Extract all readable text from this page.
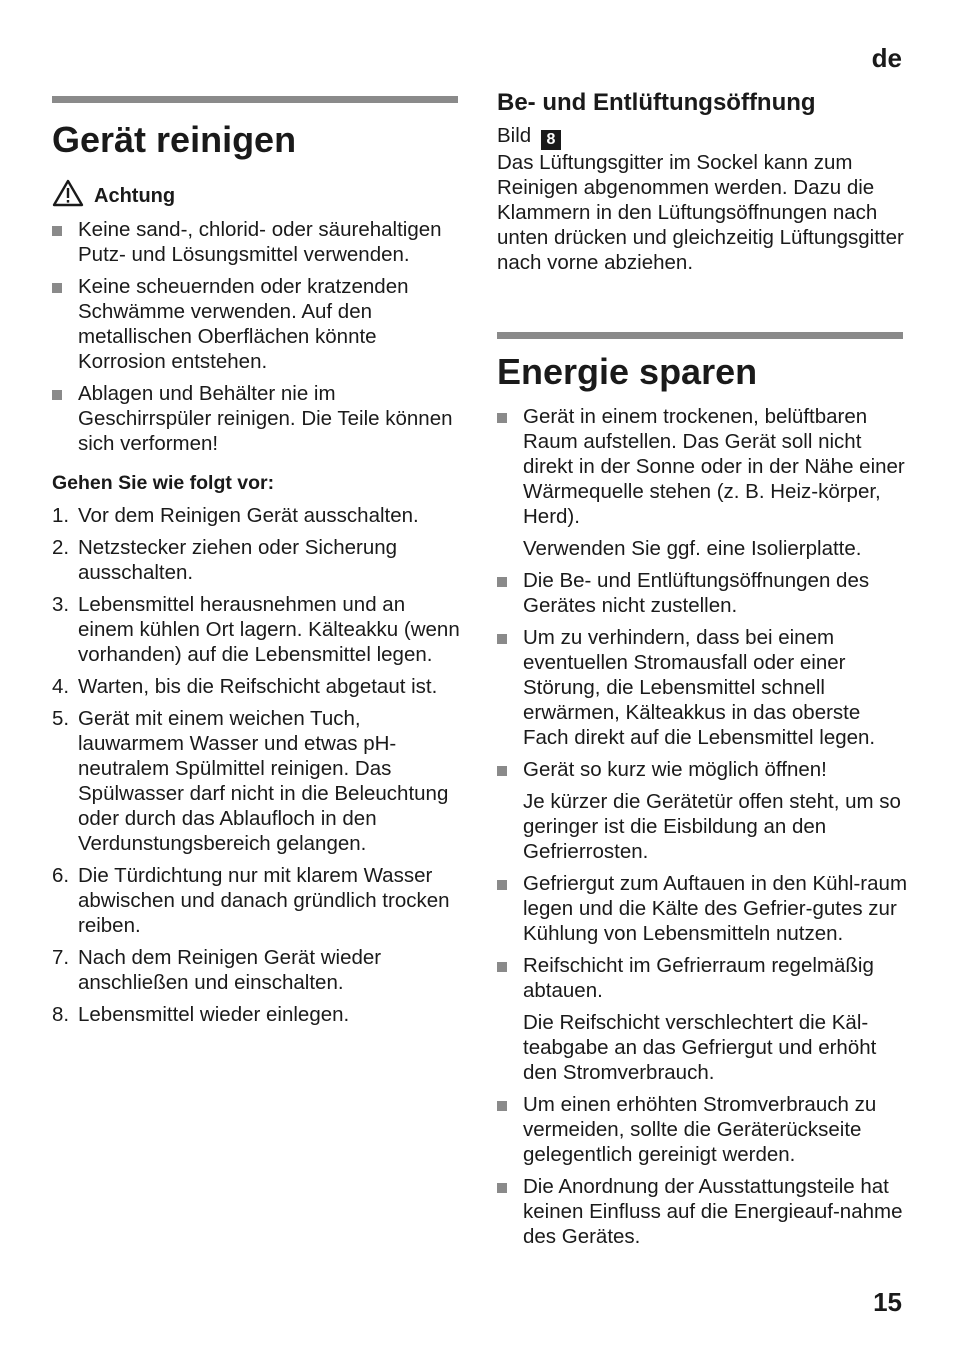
de
Gerät reinigen
Achtung
Keine sand-, chlorid- oder säurehaltigen Putz- und Lösungsmittel verwenden.
Keine scheuernden oder kratzenden Schwämme verwenden. Auf den metallischen Oberflächen könnte Korrosion entstehen.
Ablagen und Behälter nie im Geschirrspüler reinigen. Die Teile können sich verformen!
Gehen Sie wie folgt vor:
1. Vor dem Reinigen Gerät ausschalten.
2. Netzstecker ziehen oder Sicherung ausschalten.
3. Lebensmittel herausnehmen und an einem kühlen Ort lagern. Kälteakku (wenn vorhanden) auf die Lebensmittel legen.
4. Warten, bis die Reifschicht abgetaut ist.
5. Gerät mit einem weichen Tuch, lauwarmem Wasser und etwas pH-neutralem Spülmittel reinigen. Das Spülwasser darf nicht in die Beleuchtung oder durch das Ablaufloch in den Verdunstungsbereich gelangen.
6. Die Türdichtung nur mit klarem Wasser abwischen und danach gründlich trocken reiben.
7. Nach dem Reinigen Gerät wieder anschließen und einschalten.
8. Lebensmittel wieder einlegen.
Be- und Entlüftungsöffnung
Bild 8
Das Lüftungsgitter im Sockel kann zum Reinigen abgenommen werden. Dazu die Klammern in den Lüftungsöffnungen nach unten drücken und gleichzeitig Lüftungsgitter nach vorne abziehen.
Energie sparen
Gerät in einem trockenen, belüftbaren Raum aufstellen. Das Gerät soll nicht direkt in der Sonne oder in der Nähe einer Wärmequelle stehen (z. B. Heiz-körper, Herd).
Verwenden Sie ggf. eine Isolierplatte.
Die Be- und Entlüftungsöffnungen des Gerätes nicht zustellen.
Um zu verhindern, dass bei einem eventuellen Stromausfall oder einer Störung, die Lebensmittel schnell erwärmen, Kälteakkus in das oberste Fach direkt auf die Lebensmittel legen.
Gerät so kurz wie möglich öffnen!
Je kürzer die Gerätetür offen steht, um so geringer ist die Eisbildung an den Gefrierrosten.
Gefriergut zum Auftauen in den Kühl-raum legen und die Kälte des Gefrier-gutes zur Kühlung von Lebensmitteln nutzen.
Reifschicht im Gefrierraum regelmäßig abtauen.
Die Reifschicht verschlechtert die Käl-teabgabe an das Gefriergut und erhöht den Stromverbrauch.
Um einen erhöhten Stromverbrauch zu vermeiden, sollte die Geräterückseite gelegentlich gereinigt werden.
Die Anordnung der Ausstattungsteile hat keinen Einfluss auf die Energieauf-nahme des Gerätes.
15
